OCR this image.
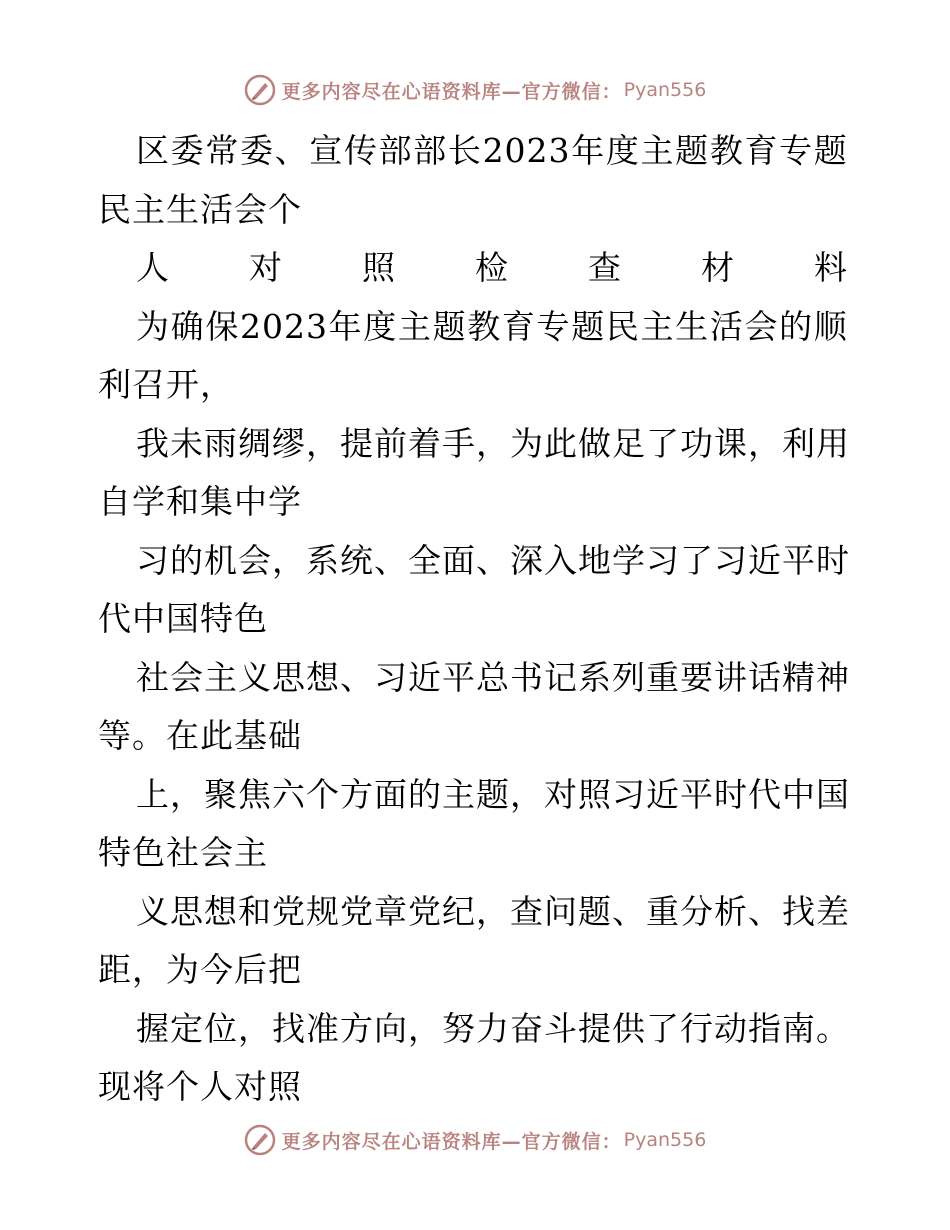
更多内容尽在心语资料库—官方微信： Pyan556
区 委 常 委 、 宣 传 部 部 长 2023 年 度 主 题 教 育 专 题
民主生活会个
人 对 照 检 查 材 料
为 确 保 2023 年 度 主 题 教 育 专 题 民 主 生 活 会 的 顺
利召开，
我 未 雨 绸 缪 ， 提 前 着 手 ， 为 此 做 足 了 功 课 ， 利 用
自学和集中学
习 的 机 会 ， 系 统 、 全 面 、 深 入 地 学 习 了 习 近 平 时
代中国特色
社 会 主 义 思 想 、 习 近 平 总 书 记 系 列 重 要 讲 话 精 神
等。在此基础
上 ， 聚 焦 六 个 方 面 的 主 题 ， 对 照 习 近 平 时 代 中 国
特色社会主
义 思 想 和 党 规 党 章 党 纪 ， 查 问 题 、 重 分 析 、 找 差
距，为今后把
握 定 位 ， 找 准 方 向 ， 努 力 奋 斗 提 供 了 行 动 指 南 。
现将个人对照
更多内容尽在心语资料库—官方微信： Pyan556
